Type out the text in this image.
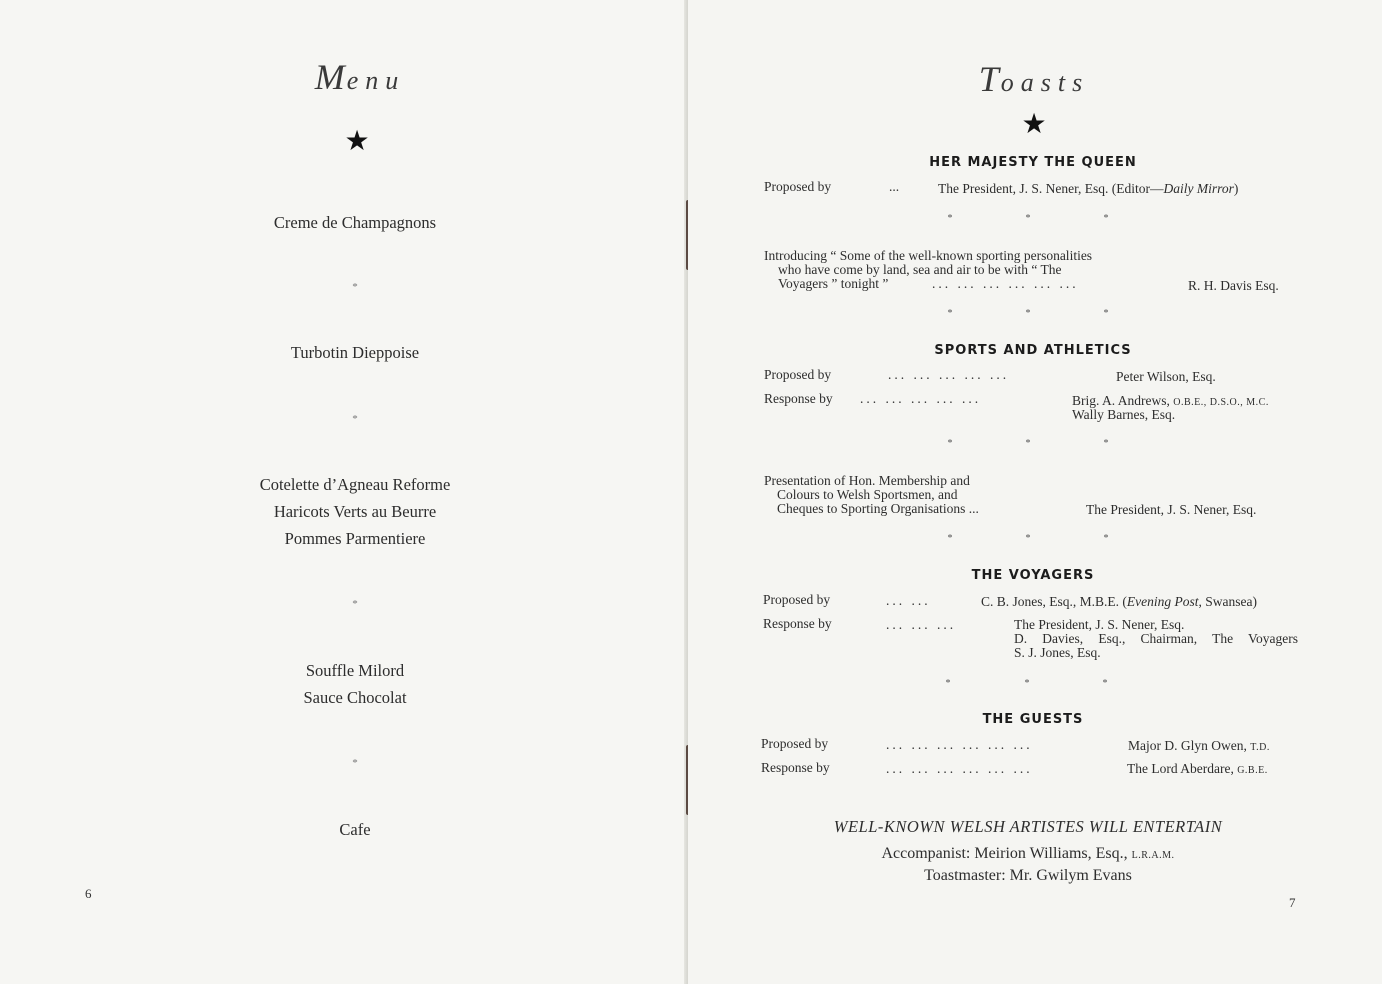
Menu
★
Creme de Champagnons
*
Turbotin Dieppoise
*
Cotelette d’Agneau Reforme
Haricots Verts au Beurre
Pommes Parmentiere
*
Souffle Milord
Sauce Chocolat
*
Cafe
6
Toasts
★
HER MAJESTY THE QUEEN
Proposed by	...	The President, J. S. Nener, Esq. (Editor—Daily Mirror)
*	*	*
Introducing “ Some of the well-known sporting personalities
who have come by land, sea and air to be with “ The
Voyagers ” tonight ”	... ... ... ... ... ...	R. H. Davis Esq.
*	*	*
SPORTS AND ATHLETICS
Proposed by	... ... ... ... ...	Peter Wilson, Esq.
Response by ... ... ... ... ...	Brig. A. Andrews, O.B.E., D.S.O., M.C.
Wally Barnes, Esq.
*	*	*
Presentation of Hon. Membership and
Colours to Welsh Sportsmen, and
Cheques to Sporting Organisations ...	The President, J. S. Nener, Esq.
*	*	*
THE VOYAGERS
Proposed by	... ...	C. B. Jones, Esq., M.B.E. (Evening Post, Swansea)
Response by	... ... ...	The President, J. S. Nener, Esq.
D. Davies, Esq., Chairman, The Voyagers
S. J. Jones, Esq.
*	*	*
THE GUESTS
Proposed by	... ... ... ... ... ...	Major D. Glyn Owen, T.D.
Response by	... ... ... ... ... ...	The Lord Aberdare, G.B.E.
WELL-KNOWN WELSH ARTISTES WILL ENTERTAIN
Accompanist: Meirion Williams, Esq., L.R.A.M.
Toastmaster: Mr. Gwilym Evans
7
